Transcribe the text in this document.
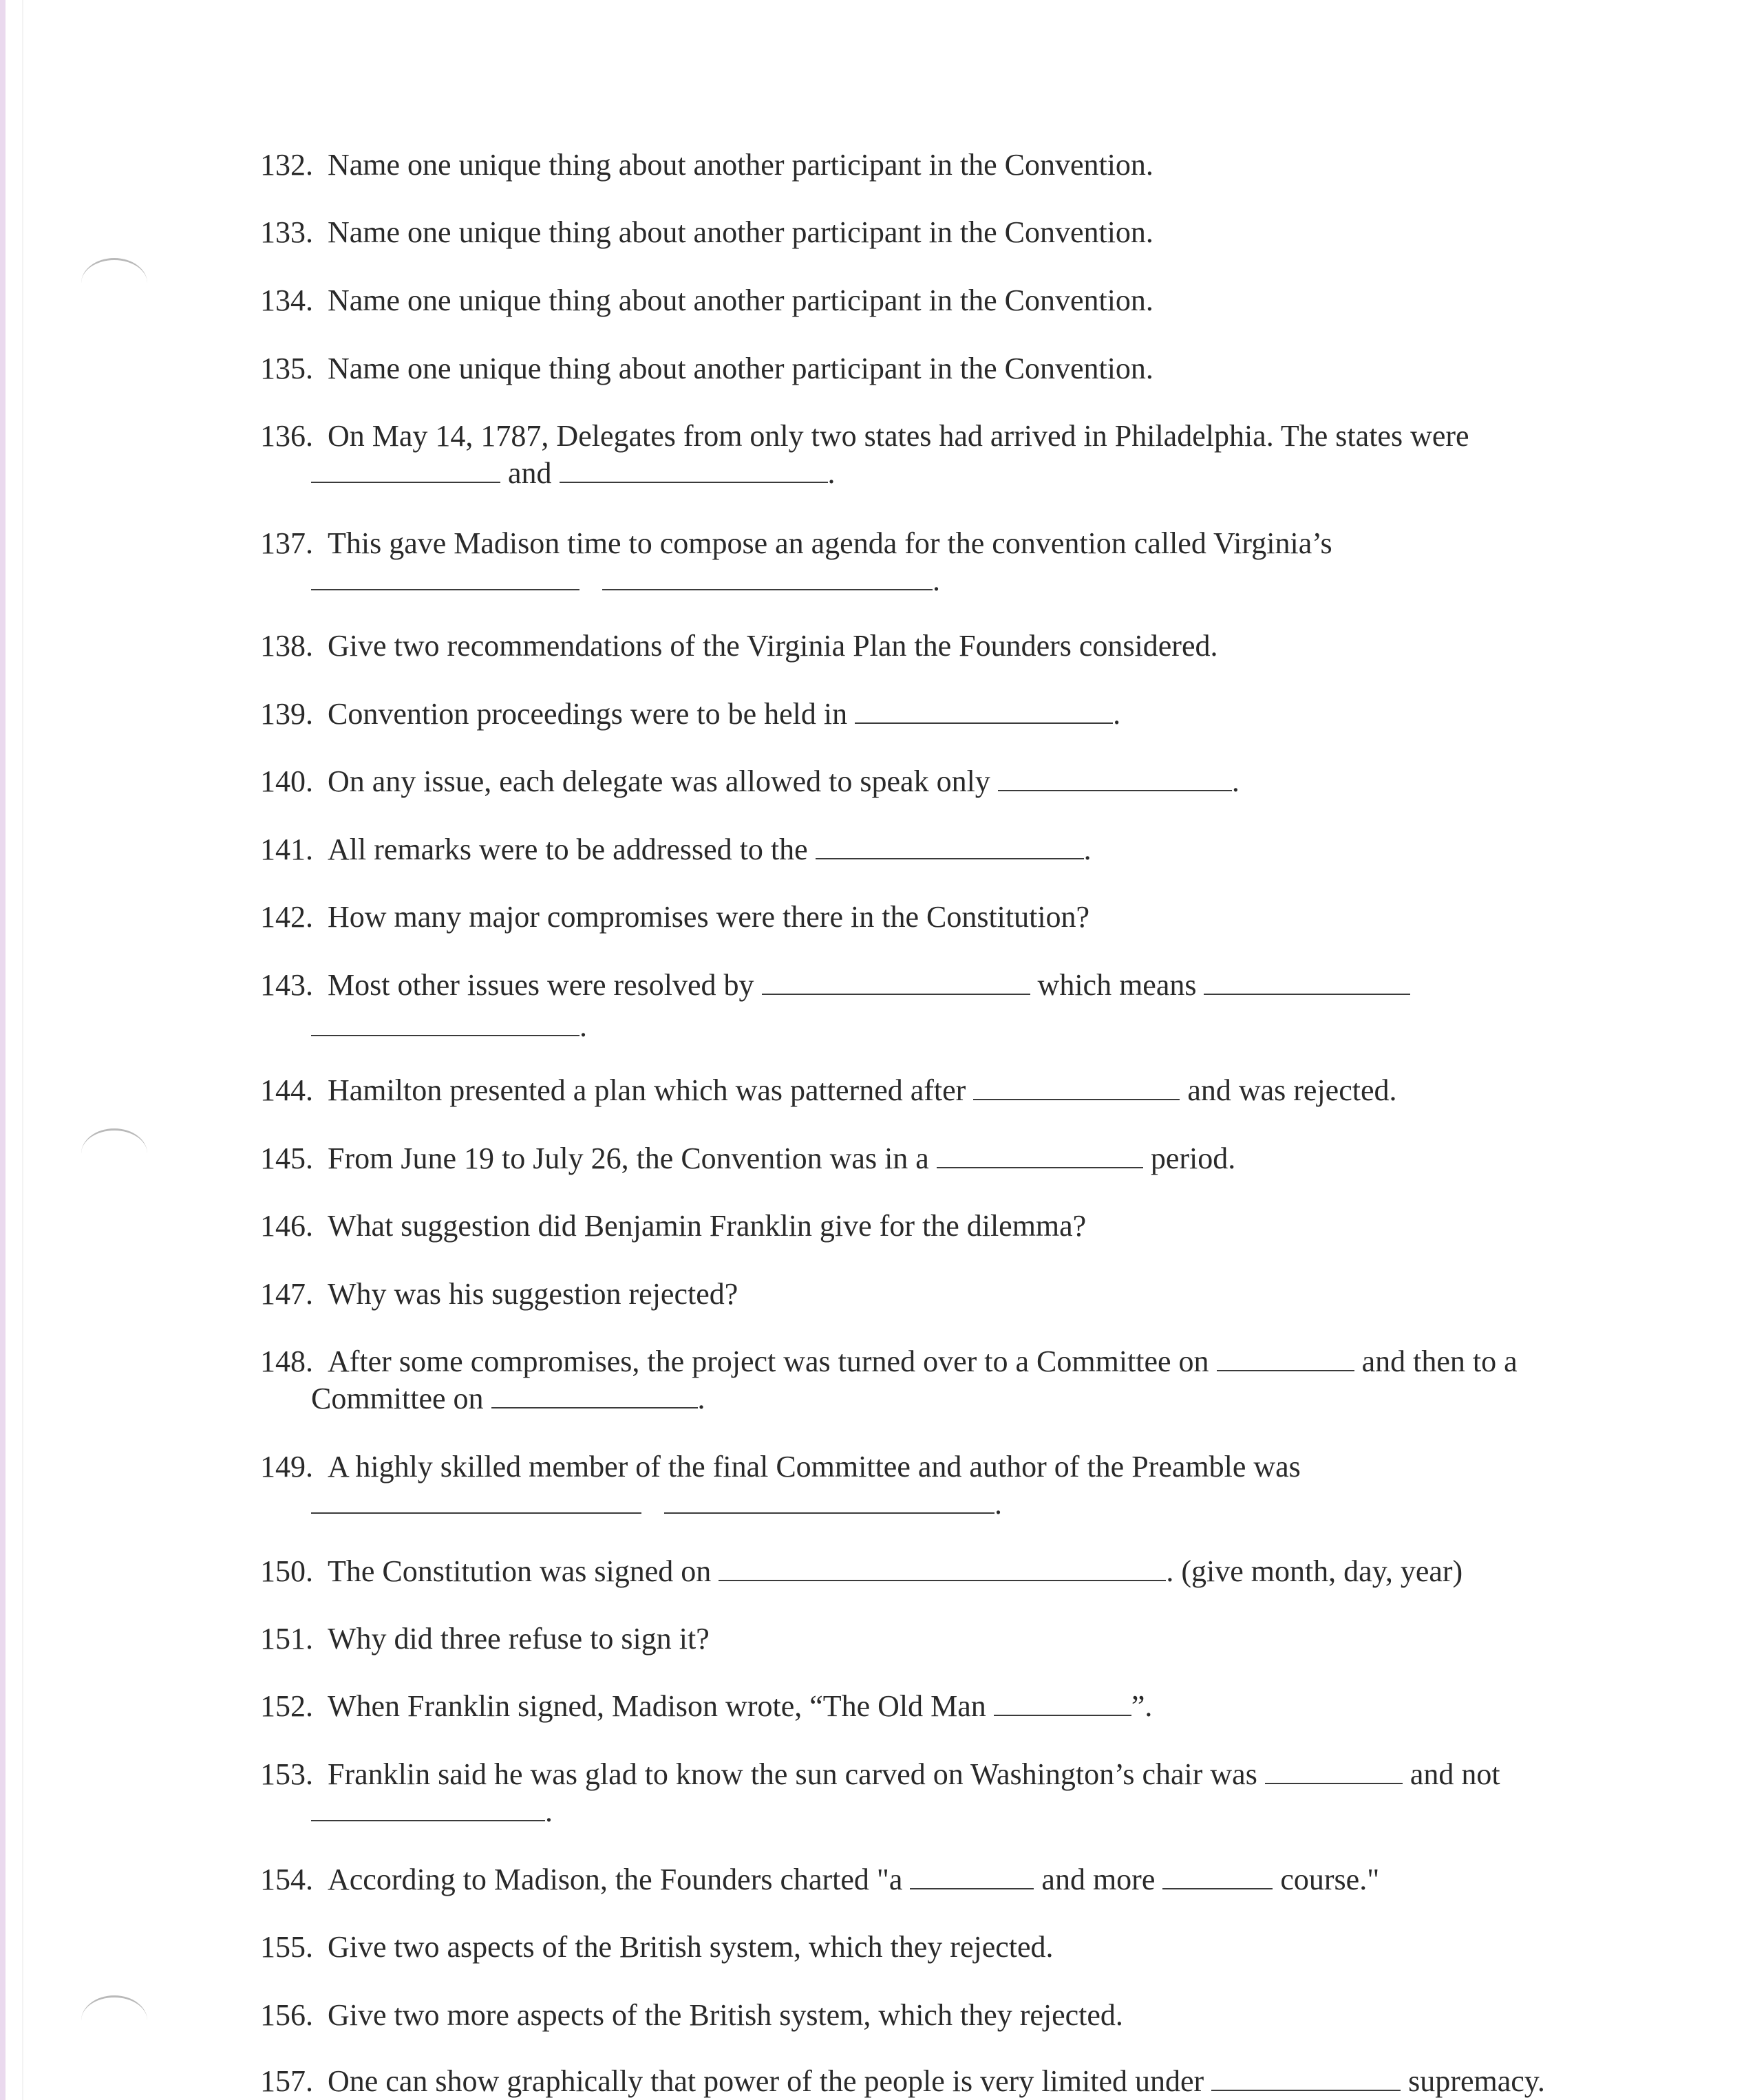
132. Name one unique thing about another participant in the Convention.

133. Name one unique thing about another participant in the Convention.

134. Name one unique thing about another participant in the Convention.

135. Name one unique thing about another participant in the Convention.

136. On May 14, 1787, Delegates from only two states had arrived in Philadelphia. The states were

and	.

137. This gave Madison time to compose an agenda for the convention called Virginia’s

.

138. Give two recommendations of the Virginia Plan the Founders considered.

139. Convention proceedings were to be held in	.

140. On any issue, each delegate was allowed to speak only	.

141. All remarks were to be addressed to the	.

142. How many major compromises were there in the Constitution?

143. Most other issues were resolved by	which means

.

144. Hamilton presented a plan which was patterned after	and was rejected.

145. From June 19 to July 26, the Convention was in a	period.

146. What suggestion did Benjamin Franklin give for the dilemma?

147. Why was his suggestion rejected?

148. After some compromises, the project was turned over to a Committee on	and then to a

Committee on	.

149. A highly skilled member of the final Committee and author of the Preamble was

.

150. The Constitution was signed on	. (give month, day, year)

151. Why did three refuse to sign it?

152. When Franklin signed, Madison wrote, “The Old Man	”.

153. Franklin said he was glad to know the sun carved on Washington’s chair was	and not

.

154. According to Madison, the Founders charted "a	and more	course."

155. Give two aspects of the British system, which they rejected.

156. Give two more aspects of the British system, which they rejected.

157. One can show graphically that power of the people is very limited under	supremacy.
